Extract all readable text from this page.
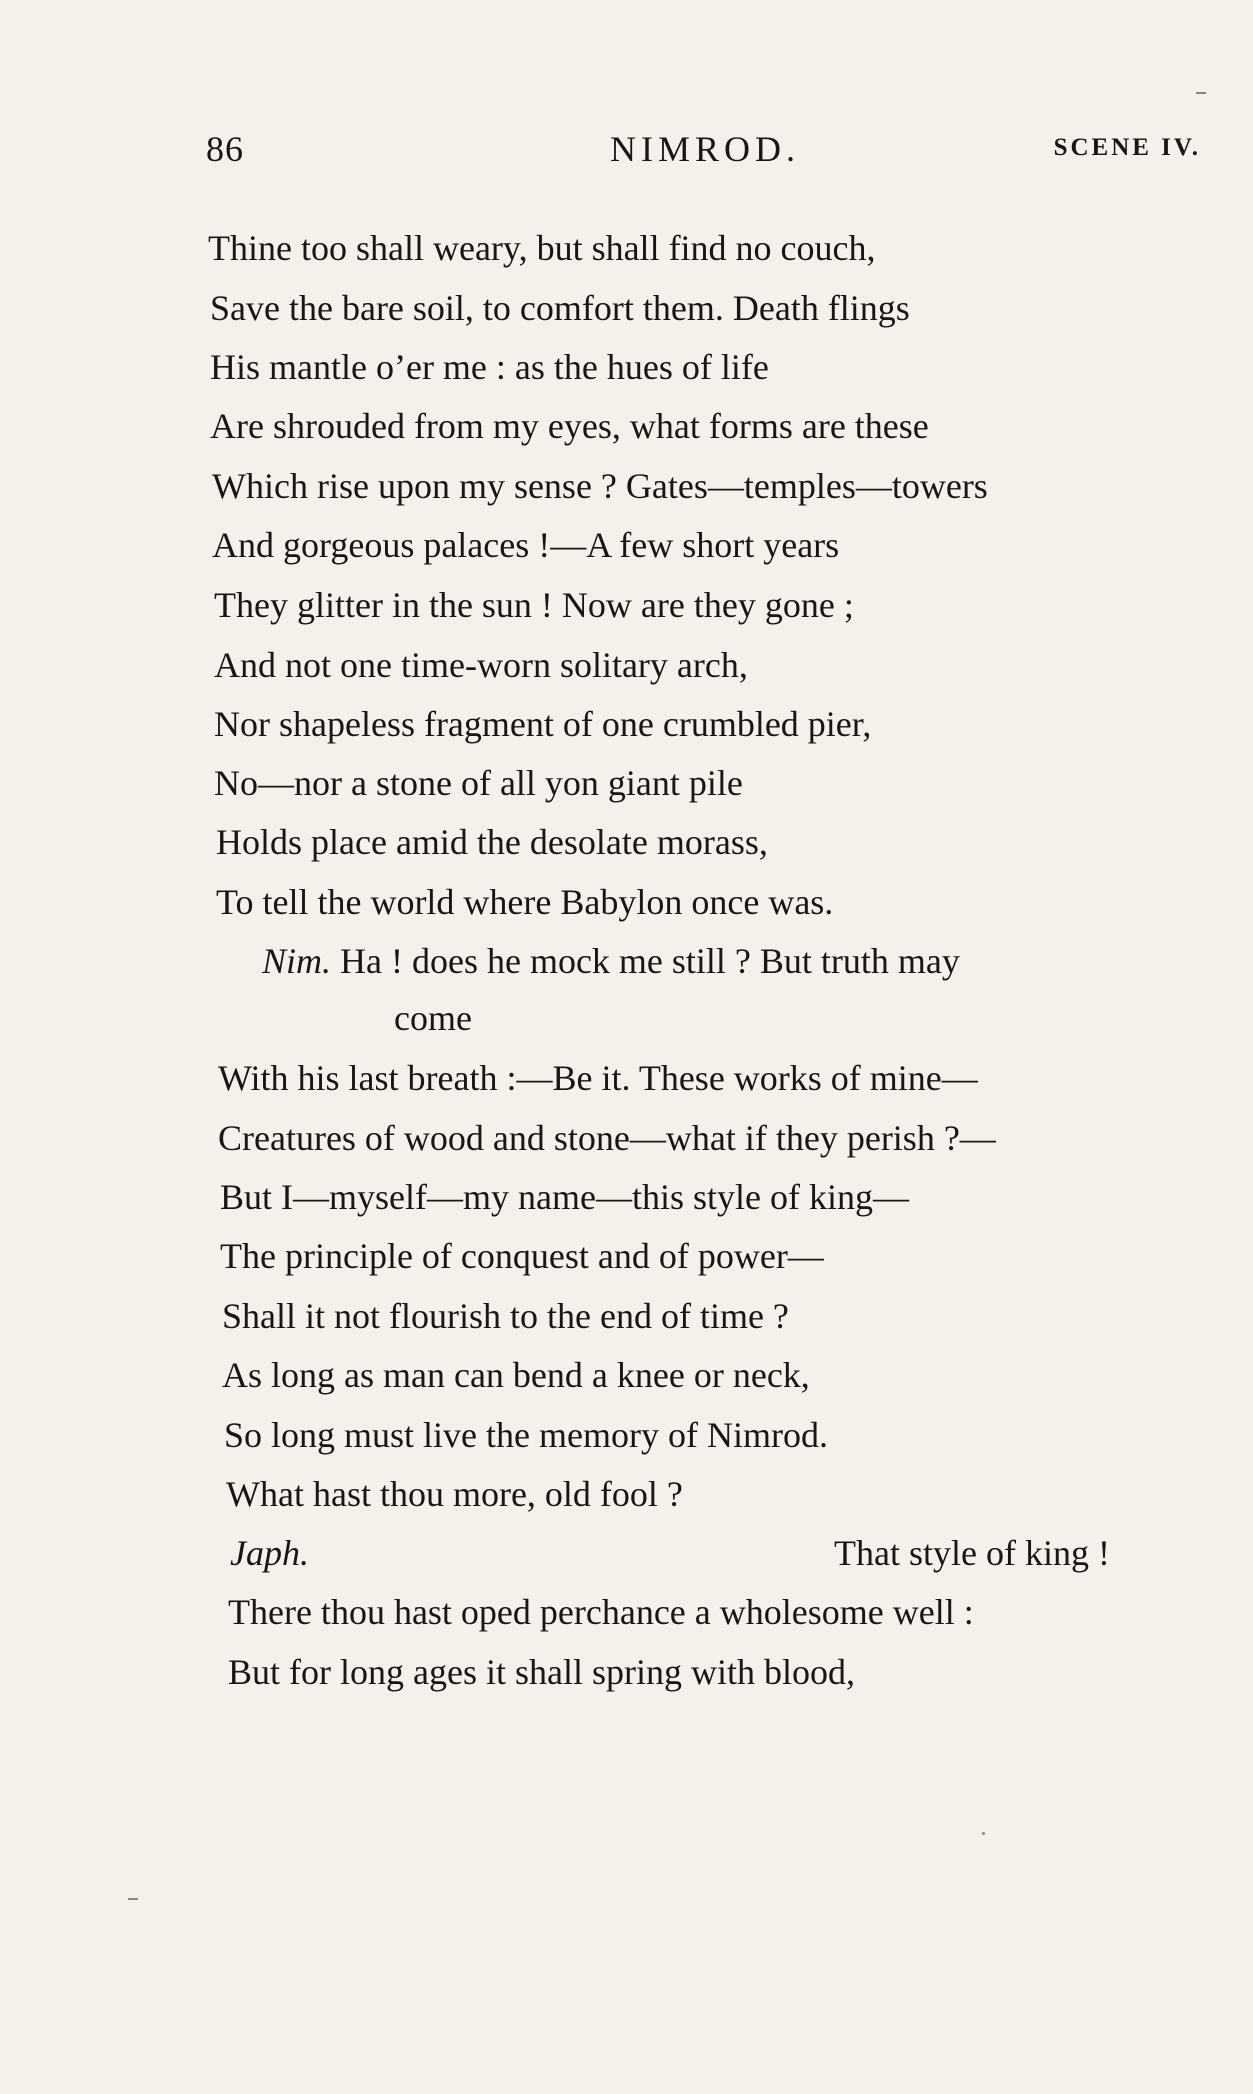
86	NIMROD.	SCENE IV.
Thine too shall weary, but shall find no couch,
Save the bare soil, to comfort them. Death flings
His mantle o’er me : as the hues of life
Are shrouded from my eyes, what forms are these
Which rise upon my sense ? Gates—temples—towers
And gorgeous palaces !—A few short years
They glitter in the sun ! Now are they gone ;
And not one time-worn solitary arch,
Nor shapeless fragment of one crumbled pier,
No—nor a stone of all yon giant pile
Holds place amid the desolate morass,
To tell the world where Babylon once was.
Nim. Ha ! does he mock me still ? But truth may
come
With his last breath :—Be it. These works of mine—
Creatures of wood and stone—what if they perish ?—
But I—myself—my name—this style of king—
The principle of conquest and of power—
Shall it not flourish to the end of time ?
As long as man can bend a knee or neck,
So long must live the memory of Nimrod.
What hast thou more, old fool ?
Japh.	That style of king !
There thou hast oped perchance a wholesome well :
But for long ages it shall spring with blood,
